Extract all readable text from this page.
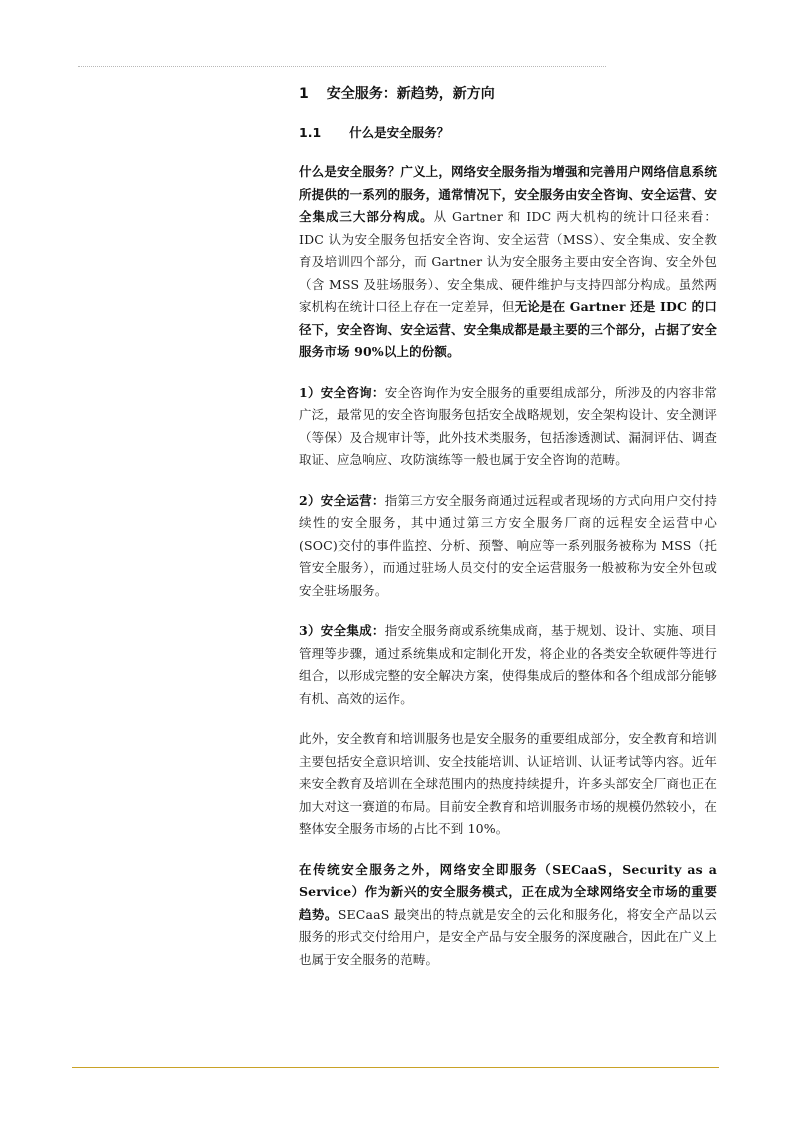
1 安全服务：新趋势，新方向
1.1 什么是安全服务？

什么是安全服务？广义上，网络安全服务指为增强和完善用户网络信息系统所提供的一系列的服务，通常情况下，安全服务由安全咨询、安全运营、安全集成三大部分构成。从 Gartner 和 IDC 两大机构的统计口径来看：IDC 认为安全服务包括安全咨询、安全运营（MSS）、安全集成、安全教育及培训四个部分，而 Gartner 认为安全服务主要由安全咨询、安全外包（含 MSS 及驻场服务）、安全集成、硬件维护与支持四部分构成。虽然两家机构在统计口径上存在一定差异，但无论是在 Gartner 还是 IDC 的口径下，安全咨询、安全运营、安全集成都是最主要的三个部分，占据了安全服务市场 90%以上的份额。

1）安全咨询：安全咨询作为安全服务的重要组成部分，所涉及的内容非常广泛，最常见的安全咨询服务包括安全战略规划，安全架构设计、安全测评（等保）及合规审计等，此外技术类服务，包括渗透测试、漏洞评估、调查取证、应急响应、攻防演练等一般也属于安全咨询的范畴。

2）安全运营：指第三方安全服务商通过远程或者现场的方式向用户交付持续性的安全服务，其中通过第三方安全服务厂商的远程安全运营中心(SOC)交付的事件监控、分析、预警、响应等一系列服务被称为 MSS（托管安全服务），而通过驻场人员交付的安全运营服务一般被称为安全外包或安全驻场服务。

3）安全集成：指安全服务商或系统集成商，基于规划、设计、实施、项目管理等步骤，通过系统集成和定制化开发，将企业的各类安全软硬件等进行组合，以形成完整的安全解决方案，使得集成后的整体和各个组成部分能够有机、高效的运作。

此外，安全教育和培训服务也是安全服务的重要组成部分，安全教育和培训主要包括安全意识培训、安全技能培训、认证培训、认证考试等内容。近年来安全教育及培训在全球范围内的热度持续提升，许多头部安全厂商也正在加大对这一赛道的布局。目前安全教育和培训服务市场的规模仍然较小，在整体安全服务市场的占比不到 10%。

在传统安全服务之外，网络安全即服务（SECaaS，Security as a Service）作为新兴的安全服务模式，正在成为全球网络安全市场的重要趋势。SECaaS 最突出的特点就是安全的云化和服务化，将安全产品以云服务的形式交付给用户，是安全产品与安全服务的深度融合，因此在广义上也属于安全服务的范畴。
